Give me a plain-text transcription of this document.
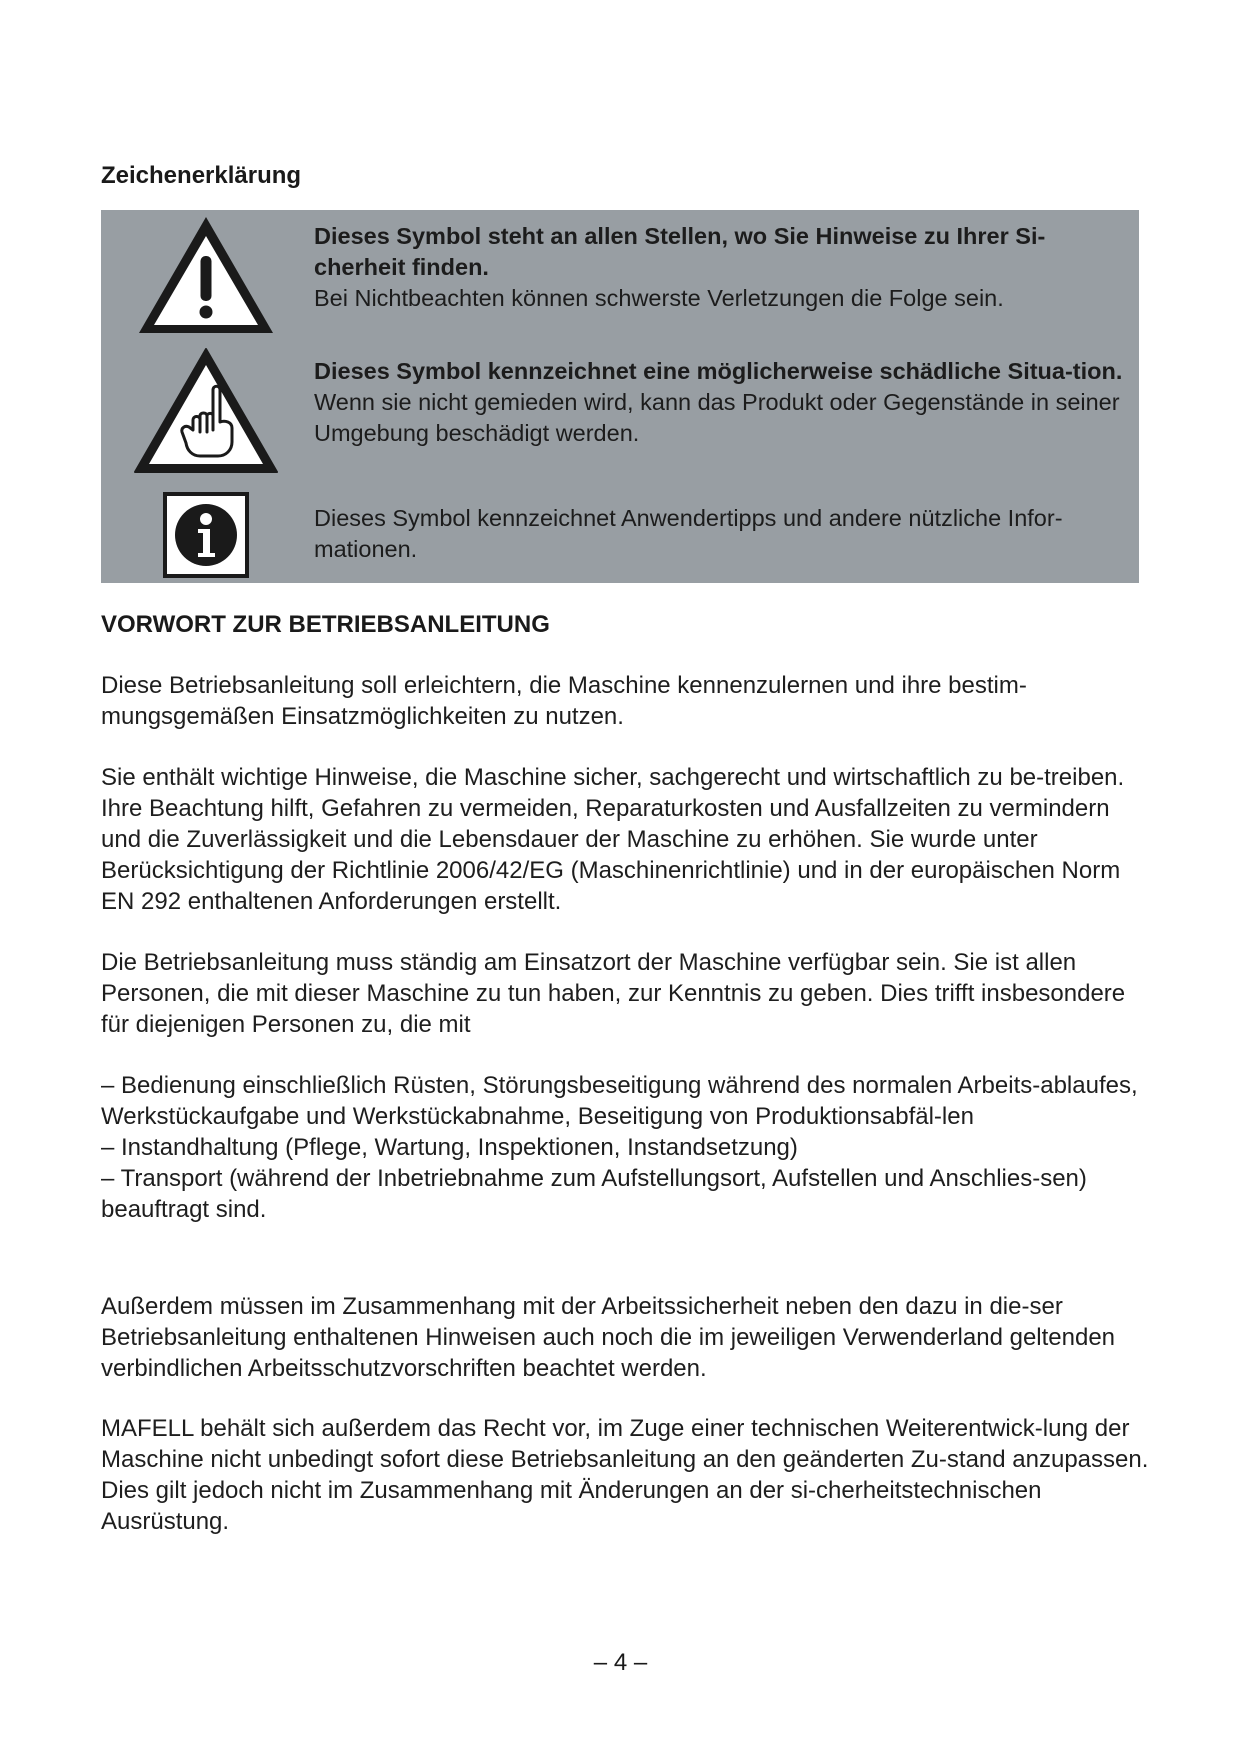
Zeichenerklärung
Dieses Symbol steht an allen Stellen, wo Sie Hinweise zu Ihrer Si-cherheit finden.
Bei Nichtbeachten können schwerste Verletzungen die Folge sein.
Dieses Symbol kennzeichnet eine möglicherweise schädliche Situa-tion.
Wenn sie nicht gemieden wird, kann das Produkt oder Gegenstände in seiner Umgebung beschädigt werden.
Dieses Symbol kennzeichnet Anwendertipps und andere nützliche Infor-mationen.
VORWORT ZUR BETRIEBSANLEITUNG

Diese Betriebsanleitung soll erleichtern, die Maschine kennenzulernen und ihre bestim-mungsgemäßen Einsatzmöglichkeiten zu nutzen.

Sie enthält wichtige Hinweise, die Maschine sicher, sachgerecht und wirtschaftlich zu be-treiben. Ihre Beachtung hilft, Gefahren zu vermeiden, Reparaturkosten und Ausfallzeiten zu vermindern und die Zuverlässigkeit und die Lebensdauer der Maschine zu erhöhen. Sie wurde unter Berücksichtigung der Richtlinie 2006/42/EG (Maschinenrichtlinie) und in der europäischen Norm EN 292 enthaltenen Anforderungen erstellt.

Die Betriebsanleitung muss ständig am Einsatzort der Maschine verfügbar sein. Sie ist allen Personen, die mit dieser Maschine zu tun haben, zur Kenntnis zu geben. Dies trifft insbesondere für diejenigen Personen zu, die mit

– Bedienung einschließlich Rüsten, Störungsbeseitigung während des normalen Arbeits-ablaufes, Werkstückaufgabe und Werkstückabnahme, Beseitigung von Produktionsabfäl-len
– Instandhaltung (Pflege, Wartung, Inspektionen, Instandsetzung)
– Transport (während der Inbetriebnahme zum Aufstellungsort, Aufstellen und Anschlies-sen) beauftragt sind.

Außerdem müssen im Zusammenhang mit der Arbeitssicherheit neben den dazu in die-ser Betriebsanleitung enthaltenen Hinweisen auch noch die im jeweiligen Verwenderland geltenden verbindlichen Arbeitsschutzvorschriften beachtet werden.

MAFELL behält sich außerdem das Recht vor, im Zuge einer technischen Weiterentwick-lung der Maschine nicht unbedingt sofort diese Betriebsanleitung an den geänderten Zu-stand anzupassen. Dies gilt jedoch nicht im Zusammenhang mit Änderungen an der si-cherheitstechnischen Ausrüstung.

– 4 –
